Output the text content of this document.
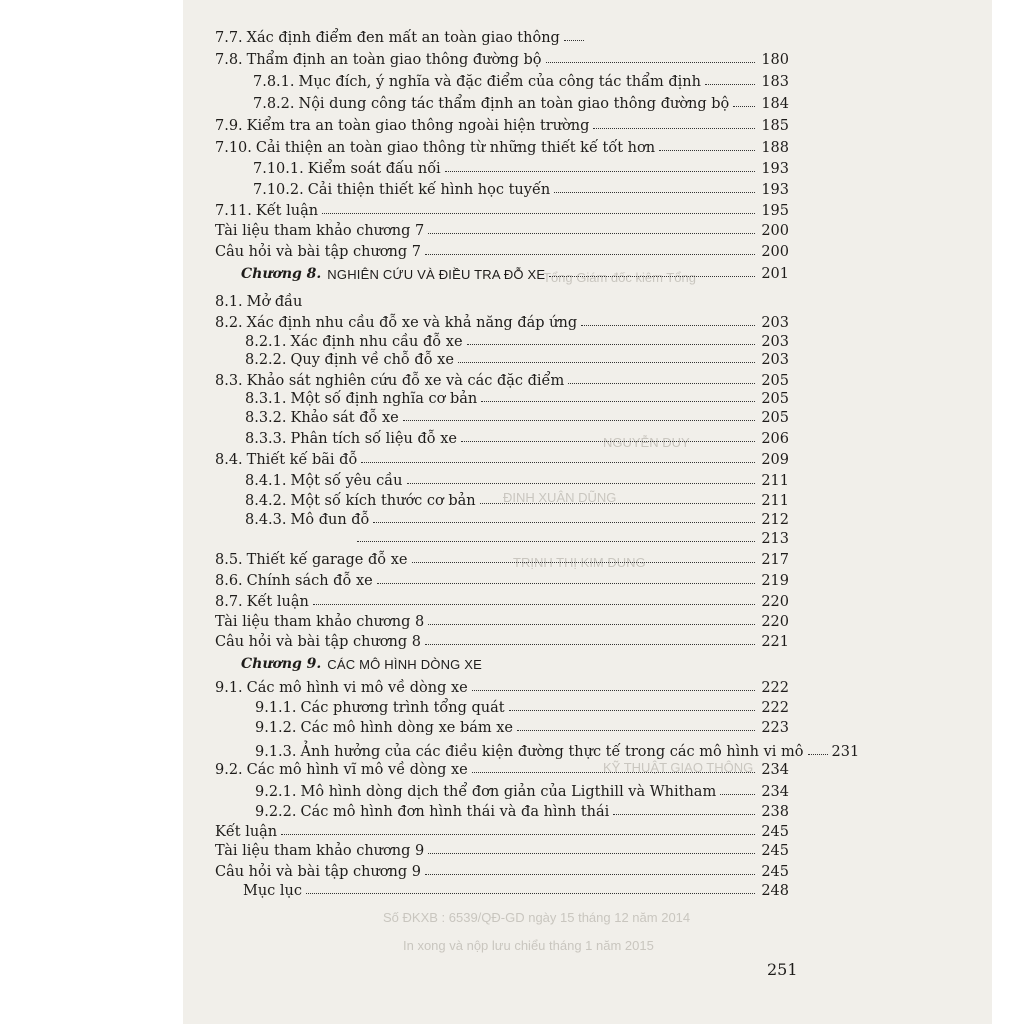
Tổng Giám đốc kiêm Tổng
NGUYỄN DUY
ĐINH XUÂN DŨNG
TRỊNH THỊ KIM DUNG
KỸ THUẬT GIAO THÔNG
Số ĐKXB : 6539/QĐ-GD ngày 15 tháng 12 năm 2014
In xong và nộp lưu chiểu tháng 1 năm 2015
7.7. Xác định điểm đen mất an toàn giao thông
7.8. Thẩm định an toàn giao thông đường bộ	180
7.8.1. Mục đích, ý nghĩa và đặc điểm của công tác thẩm định	183
7.8.2. Nội dung công tác thẩm định an toàn giao thông đường bộ 184
7.9. Kiểm tra an toàn giao thông ngoài hiện trường	185
7.10. Cải thiện an toàn giao thông từ những thiết kế tốt hơn	188
7.10.1. Kiểm soát đấu nối	193
7.10.2. Cải thiện thiết kế hình học tuyến	193
7.11. Kết luận	195
Tài liệu tham khảo chương 7	200
Câu hỏi và bài tập chương 7	200
Chương 8. NGHIÊN CỨU VÀ ĐIỀU TRA ĐỖ XE	201
8.1. Mở đầu
8.2. Xác định nhu cầu đỗ xe và khả năng đáp ứng	203
8.2.1. Xác định nhu cầu đỗ xe	203
8.2.2. Quy định về chỗ đỗ xe	203
8.3. Khảo sát nghiên cứu đỗ xe và các đặc điểm	205
8.3.1. Một số định nghĩa cơ bản	205
8.3.2. Khảo sát đỗ xe	205
8.3.3. Phân tích số liệu đỗ xe	206
8.4. Thiết kế bãi đỗ	209
8.4.1. Một số yêu cầu	211
8.4.2. Một số kích thước cơ bản	211
8.4.3. Mô đun đỗ	212
213
8.5. Thiết kế garage đỗ xe	217
8.6. Chính sách đỗ xe	219
8.7. Kết luận	220
Tài liệu tham khảo chương 8	220
Câu hỏi và bài tập chương 8	221
Chương 9. CÁC MÔ HÌNH DÒNG XE
9.1. Các mô hình vi mô về dòng xe	222
9.1.1. Các phương trình tổng quát	222
9.1.2. Các mô hình dòng xe bám xe	223
9.1.3. Ảnh hưởng của các điều kiện đường thực tế trong các mô hình vi mô 231
9.2. Các mô hình vĩ mô về dòng xe	234
9.2.1. Mô hình dòng dịch thể đơn giản của Ligthill và Whitham	234
9.2.2. Các mô hình đơn hình thái và đa hình thái	238
Kết luận	245
Tài liệu tham khảo chương 9	245
Câu hỏi và bài tập chương 9	245
Mục lục	248
251
